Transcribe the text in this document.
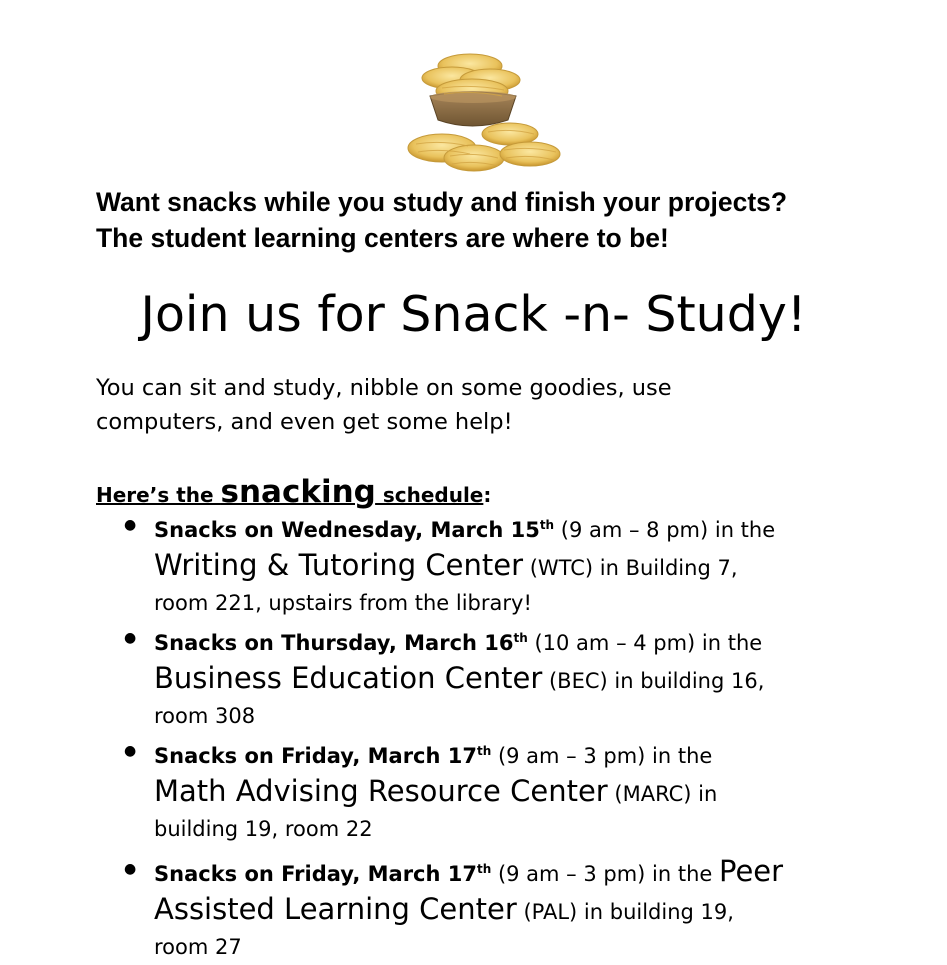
Want snacks while you study and finish your projects?
The student learning centers are where to be!

Join us for Snack -n- Study!

You can sit and study, nibble on some goodies, use
computers, and even get some help!

Here’s the snacking schedule:

● Snacks on Wednesday, March 15th (9 am – 8 pm) in the
Writing & Tutoring Center (WTC) in Building 7,
room 221, upstairs from the library!
● Snacks on Thursday, March 16th (10 am – 4 pm) in the
Business Education Center (BEC) in building 16,
room 308
● Snacks on Friday, March 17th (9 am – 3 pm) in the
Math Advising Resource Center (MARC) in
building 19, room 22
● Snacks on Friday, March 17th (9 am – 3 pm) in the Peer
Assisted Learning Center (PAL) in building 19,
room 27
